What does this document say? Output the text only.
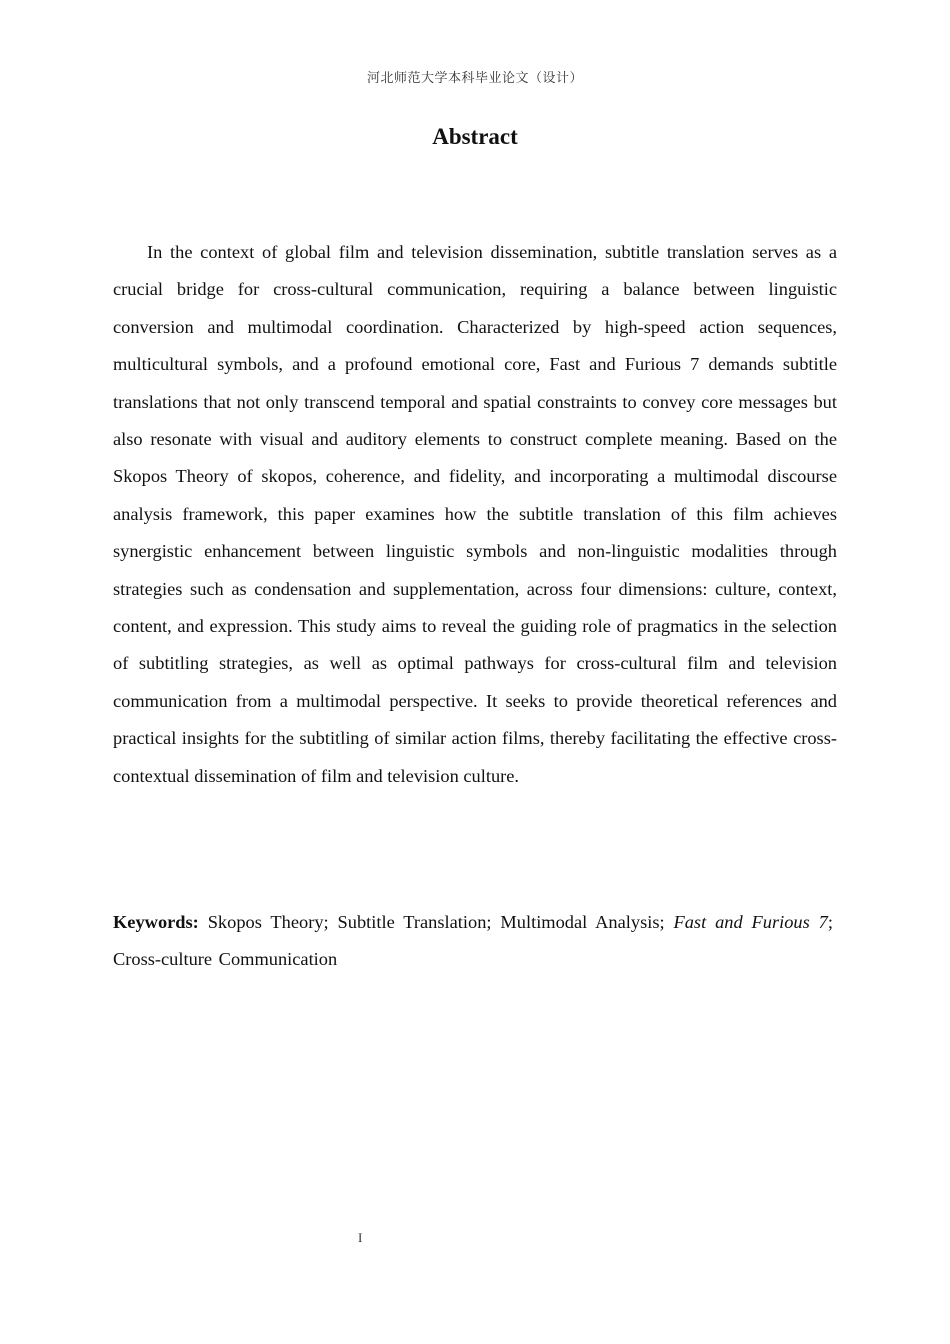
河北师范大学本科毕业论文（设计）
Abstract

In the context of global film and television dissemination, subtitle translation serves as a crucial bridge for cross-cultural communication, requiring a balance between linguistic conversion and multimodal coordination. Characterized by high-speed action sequences, multicultural symbols, and a profound emotional core, Fast and Furious 7 demands subtitle translations that not only transcend temporal and spatial constraints to convey core messages but also resonate with visual and auditory elements to construct complete meaning. Based on the Skopos Theory of skopos, coherence, and fidelity, and incorporating a multimodal discourse analysis framework, this paper examines how the subtitle translation of this film achieves synergistic enhancement between linguistic symbols and non-linguistic modalities through strategies such as condensation and supplementation, across four dimensions: culture, context, content, and expression. This study aims to reveal the guiding role of pragmatics in the selection of subtitling strategies, as well as optimal pathways for cross-cultural film and television communication from a multimodal perspective. It seeks to provide theoretical references and practical insights for the subtitling of similar action films, thereby facilitating the effective cross-contextual dissemination of film and television culture.

Keywords: Skopos Theory; Subtitle Translation; Multimodal Analysis; Fast and Furious 7; Cross-culture Communication

I
